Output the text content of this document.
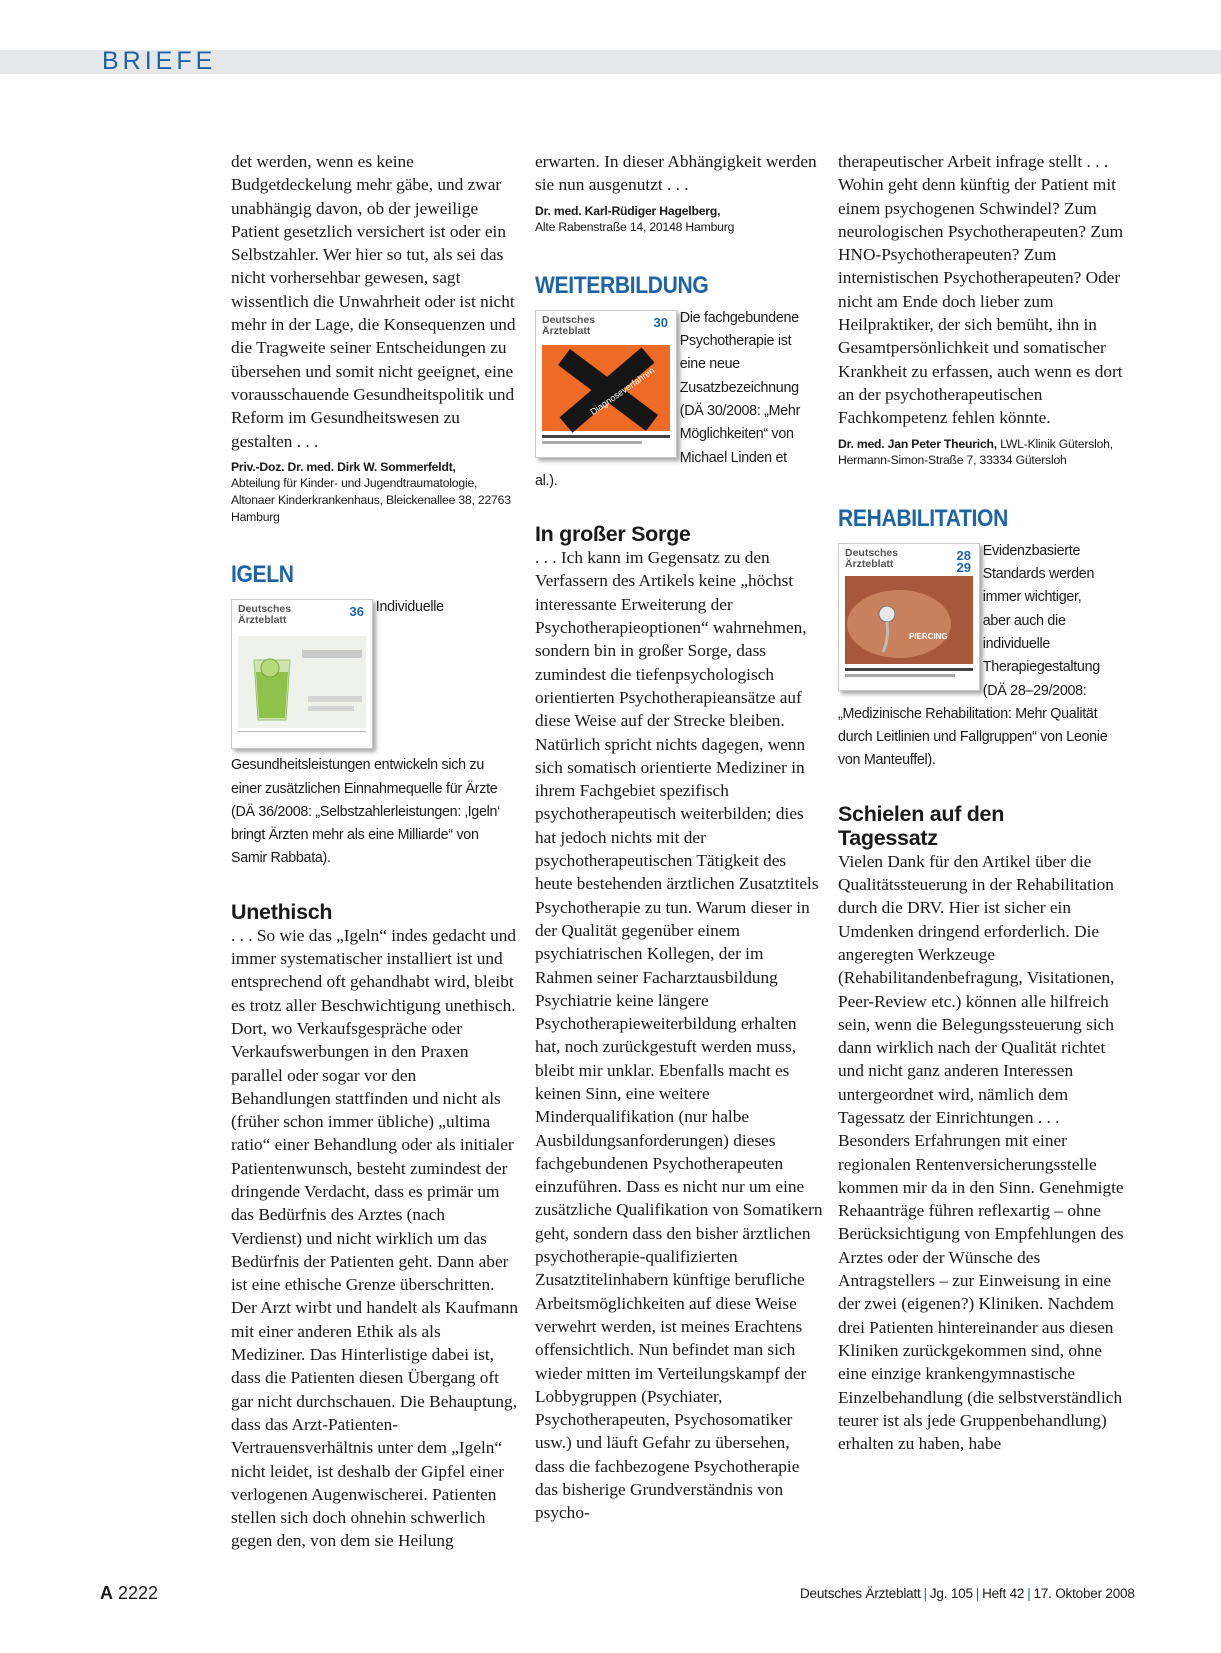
BRIEFE

det werden, wenn es keine Budgetdeckelung mehr gäbe, und zwar unabhängig davon, ob der jeweilige Patient gesetzlich versichert ist oder ein Selbstzahler. Wer hier so tut, als sei das nicht vorhersehbar gewesen, sagt wissentlich die Unwahrheit oder ist nicht mehr in der Lage, die Konsequenzen und die Tragweite seiner Entscheidungen zu übersehen und somit nicht geeignet, eine vorausschauende Gesundheitspolitik und Reform im Gesundheitswesen zu gestalten . . .

Priv.-Doz. Dr. med. Dirk W. Sommerfeldt,
Abteilung für Kinder- und Jugendtraumatologie, Altonaer Kinderkrankenhaus, Bleickenallee 38, 22763 Hamburg

IGELN
Deutsches Ärzteblatt
36 Individuelle Gesundheitsleistungen entwickeln sich zu einer zusätzlichen Einnahmequelle für Ärzte (DÄ 36/2008: „Selbstzahlerleistungen: ‚Igeln‘ bringt Ärzten mehr als eine Milliarde“ von Samir Rabbata).

Unethisch

. . . So wie das „Igeln“ indes gedacht und immer systematischer installiert ist und entsprechend oft gehandhabt wird, bleibt es trotz aller Beschwichtigung unethisch. Dort, wo Verkaufsgespräche oder Verkaufswerbungen in den Praxen parallel oder sogar vor den Behandlungen stattfinden und nicht als (früher schon immer übliche) „ultima ratio“ einer Behandlung oder als initialer Patientenwunsch, besteht zumindest der dringende Verdacht, dass es primär um das Bedürfnis des Arztes (nach Verdienst) und nicht wirklich um das Bedürfnis der Patienten geht. Dann aber ist eine ethische Grenze überschritten. Der Arzt wirbt und handelt als Kaufmann mit einer anderen Ethik als als Mediziner. Das Hinterlistige dabei ist, dass die Patienten diesen Übergang oft gar nicht durchschauen. Die Behauptung, dass das Arzt-Patienten-Vertrauensverhältnis unter dem „Igeln“ nicht leidet, ist deshalb der Gipfel einer verlogenen Augenwischerei. Patienten stellen sich doch ohnehin schwerlich gegen den, von dem sie Heilung

erwarten. In dieser Abhängigkeit werden sie nun ausgenutzt . . .

Dr. med. Karl-Rüdiger Hagelberg,
Alte Rabenstraße 14, 20148 Hamburg

WEITERBILDUNG
Deutsches Ärzteblatt
30
Diagnoseverfahren

Die fachgebundene Psychotherapie ist eine neue Zusatzbezeichnung (DÄ 30/2008: „Mehr Möglichkeiten“ von Michael Linden et al.).

In großer Sorge

. . . Ich kann im Gegensatz zu den Verfassern des Artikels keine „höchst interessante Erweiterung der Psychotherapieoptionen“ wahrnehmen, sondern bin in großer Sorge, dass zumindest die tiefenpsychologisch orientierten Psychotherapieansätze auf diese Weise auf der Strecke bleiben. Natürlich spricht nichts dagegen, wenn sich somatisch orientierte Mediziner in ihrem Fachgebiet spezifisch psychotherapeutisch weiterbilden; dies hat jedoch nichts mit der psychotherapeutischen Tätigkeit des heute bestehenden ärztlichen Zusatztitels Psychotherapie zu tun. Warum dieser in der Qualität gegenüber einem psychiatrischen Kollegen, der im Rahmen seiner Facharztausbildung Psychiatrie keine längere Psychotherapieweiterbildung erhalten hat, noch zurückgestuft werden muss, bleibt mir unklar. Ebenfalls macht es keinen Sinn, eine weitere Minderqualifikation (nur halbe Ausbildungsanforderungen) dieses fachgebundenen Psychotherapeuten einzuführen. Dass es nicht nur um eine zusätzliche Qualifikation von Somatikern geht, sondern dass den bisher ärztlichen psychotherapie-qualifizierten Zusatztitelinhabern künftige berufliche Arbeitsmöglichkeiten auf diese Weise verwehrt werden, ist meines Erachtens offensichtlich. Nun befindet man sich wieder mitten im Verteilungskampf der Lobbygruppen (Psychiater, Psychotherapeuten, Psychosomatiker usw.) und läuft Gefahr zu übersehen, dass die fachbezogene Psychotherapie das bisherige Grundverständnis von psycho-

therapeutischer Arbeit infrage stellt . . . Wohin geht denn künftig der Patient mit einem psychogenen Schwindel? Zum neurologischen Psychotherapeuten? Zum HNO-Psychotherapeuten? Zum internistischen Psychotherapeuten? Oder nicht am Ende doch lieber zum Heilpraktiker, der sich bemüht, ihn in Gesamtpersönlichkeit und somatischer Krankheit zu erfassen, auch wenn es dort an der psychotherapeutischen Fachkompetenz fehlen könnte.

Dr. med. Jan Peter Theurich, LWL-Klinik Gütersloh, Hermann-Simon-Straße 7, 33334 Gütersloh

REHABILITATION
Deutsches Ärzteblatt
28
29
PIERCING

Evidenzbasierte Standards werden immer wichtiger, aber auch die individuelle Therapiegestaltung (DÄ 28–29/2008: „Medizinische Rehabilitation: Mehr Qualität durch Leitlinien und Fallgruppen“ von Leonie von Manteuffel).

Schielen auf den Tagessatz

Vielen Dank für den Artikel über die Qualitätssteuerung in der Rehabilitation durch die DRV. Hier ist sicher ein Umdenken dringend erforderlich. Die angeregten Werkzeuge (Rehabilitandenbefragung, Visitationen, Peer-Review etc.) können alle hilfreich sein, wenn die Belegungssteuerung sich dann wirklich nach der Qualität richtet und nicht ganz anderen Interessen untergeordnet wird, nämlich dem Tagessatz der Einrichtungen . . . Besonders Erfahrungen mit einer regionalen Rentenversicherungsstelle kommen mir da in den Sinn. Genehmigte Rehaanträge führen reflexartig – ohne Berücksichtigung von Empfehlungen des Arztes oder der Wünsche des Antragstellers – zur Einweisung in eine der zwei (eigenen?) Kliniken. Nachdem drei Patienten hintereinander aus diesen Kliniken zurückgekommen sind, ohne eine einzige krankengymnastische Einzelbehandlung (die selbstverständlich teurer ist als jede Gruppenbehandlung) erhalten zu haben, habe

A 2222	Deutsches Ärzteblatt | Jg. 105 | Heft 42 | 17. Oktober 2008
